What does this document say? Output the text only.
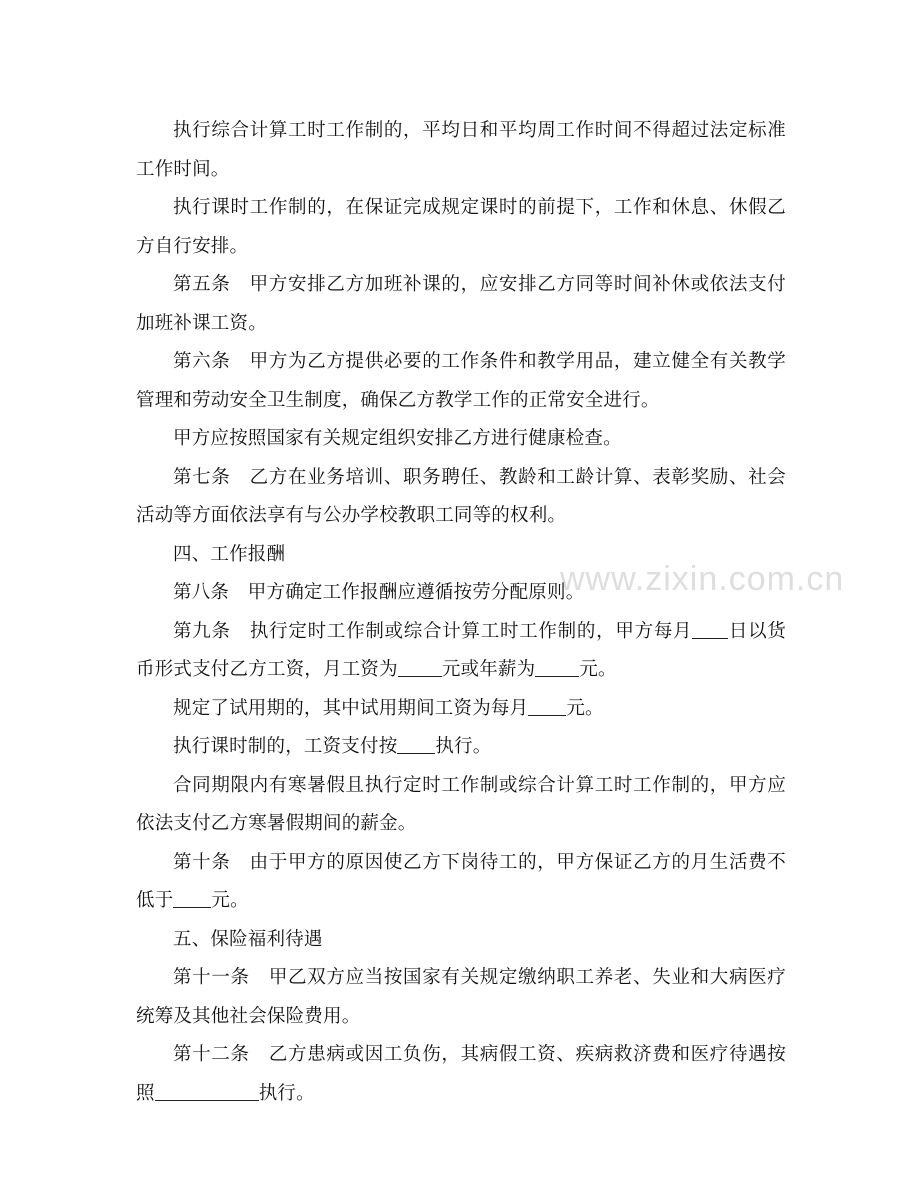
执行综合计算工时工作制的，平均日和平均周工作时间不得超过法定标准工作时间。

执行课时工作制的，在保证完成规定课时的前提下，工作和休息、休假乙方自行安排。

第五条　甲方安排乙方加班补课的，应安排乙方同等时间补休或依法支付加班补课工资。

第六条　甲方为乙方提供必要的工作条件和教学用品，建立健全有关教学管理和劳动安全卫生制度，确保乙方教学工作的正常安全进行。

甲方应按照国家有关规定组织安排乙方进行健康检查。

第七条　乙方在业务培训、职务聘任、教龄和工龄计算、表彰奖励、社会活动等方面依法享有与公办学校教职工同等的权利。

四、工作报酬

第八条　甲方确定工作报酬应遵循按劳分配原则。

第九条　执行定时工作制或综合计算工时工作制的，甲方每月 日以货币形式支付乙方工资，月工资为 元或年薪为 元。

规定了试用期的，其中试用期间工资为每月 元。

执行课时制的，工资支付按 执行。

合同期限内有寒暑假且执行定时工作制或综合计算工时工作制的，甲方应依法支付乙方寒暑假期间的薪金。

第十条　由于甲方的原因使乙方下岗待工的，甲方保证乙方的月生活费不低于 元。

五、保险福利待遇

第十一条　甲乙双方应当按国家有关规定缴纳职工养老、失业和大病医疗统筹及其他社会保险费用。

第十二条　乙方患病或因工负伤，其病假工资、疾病救济费和医疗待遇按照	执行。

www.zixin.com.cn
